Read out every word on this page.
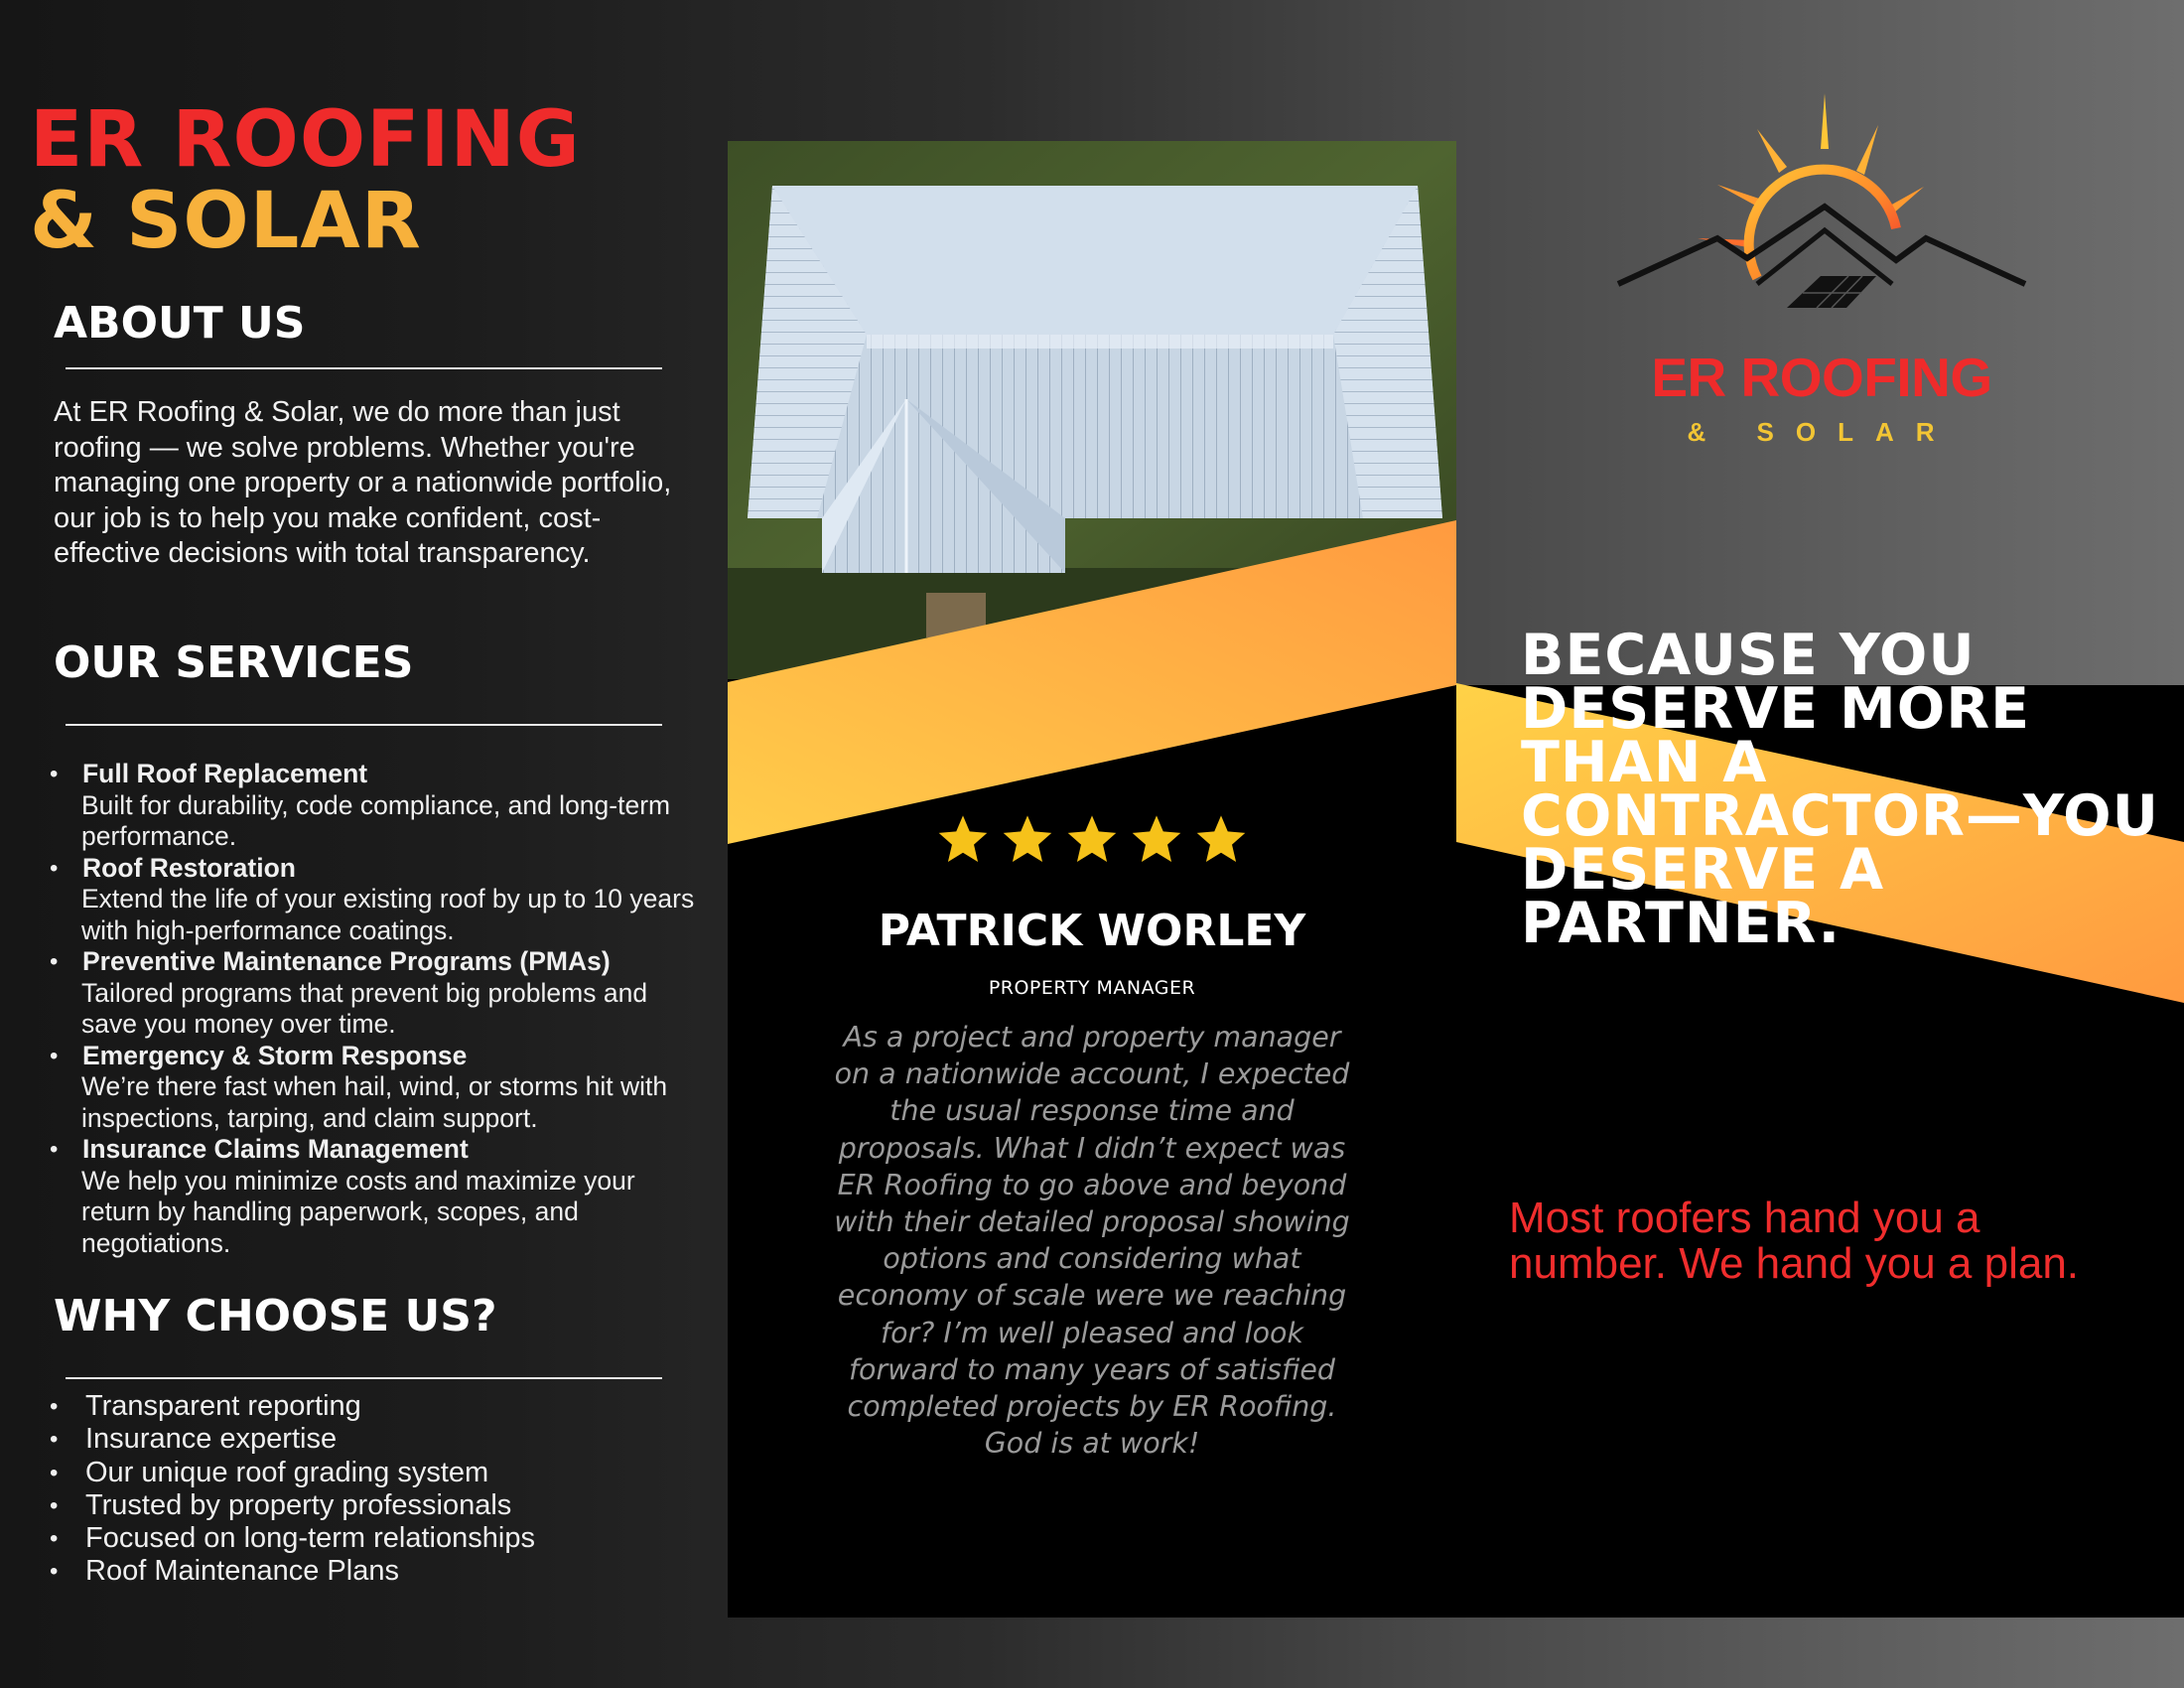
ER ROOFING
& SOLAR
ABOUT US

At ER Roofing & Solar, we do more than just roofing — we solve problems. Whether you're managing one property or a nationwide portfolio, our job is to help you make confident, cost-effective decisions with total transparency.

OUR SERVICES
• Full Roof Replacement
Built for durability, code compliance, and long-term performance.
• Roof Restoration
Extend the life of your existing roof by up to 10 years with high-performance coatings.
• Preventive Maintenance Programs (PMAs)
Tailored programs that prevent big problems and save you money over time.
• Emergency & Storm Response
We’re there fast when hail, wind, or storms hit with inspections, tarping, and claim support.
• Insurance Claims Management
We help you minimize costs and maximize your return by handling paperwork, scopes, and negotiations.
WHY CHOOSE US?
• Transparent reporting
• Insurance expertise
• Our unique roof grading system
• Trusted by property professionals
• Focused on long-term relationships
• Roof Maintenance Plans

PATRICK WORLEY

PROPERTY MANAGER

As a project and property manager on a nationwide account, I expected the usual response time and proposals. What I didn’t expect was ER Roofing to go above and beyond with their detailed proposal showing options and considering what economy of scale were we reaching for? I’m well pleased and look forward to many years of satisfied completed projects by ER Roofing. God is at work!

ER ROOFING

& SOLAR

BECAUSE YOU DESERVE MORE THAN A CONTRACTOR—YOU DESERVE A PARTNER.

Most roofers hand you a number. We hand you a plan.
